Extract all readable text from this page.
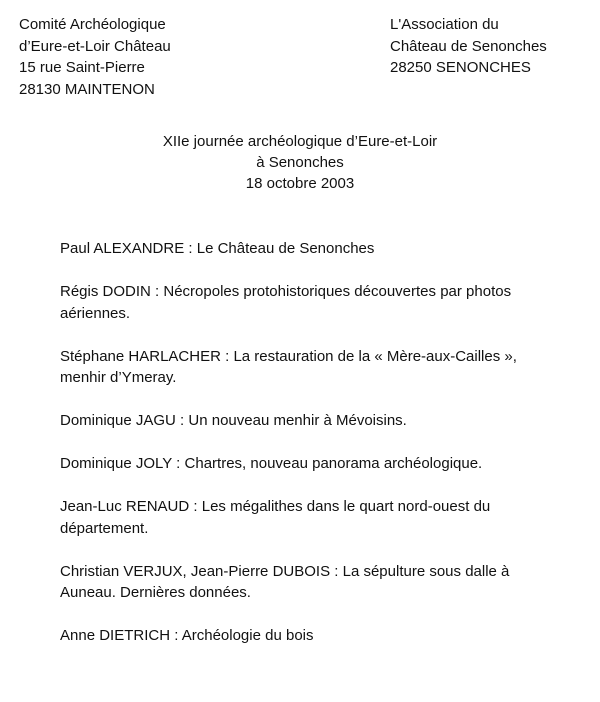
Comité Archéologique
d’Eure-et-Loir Château
15 rue Saint-Pierre
28130 MAINTENON
L'Association du
Château de Senonches
28250 SENONCHES
XIIe journée archéologique d’Eure-et-Loir
à Senonches
18 octobre 2003
Paul ALEXANDRE : Le Château de Senonches
Régis DODIN : Nécropoles protohistoriques découvertes par photos aériennes.
Stéphane HARLACHER : La restauration de la « Mère-aux-Cailles », menhir d’Ymeray.
Dominique JAGU : Un nouveau menhir à Mévoisins.
Dominique JOLY : Chartres, nouveau panorama archéologique.
Jean-Luc RENAUD : Les mégalithes dans le quart nord-ouest du département.
Christian VERJUX, Jean-Pierre DUBOIS : La sépulture sous dalle à Auneau. Dernières données.
Anne DIETRICH : Archéologie du bois
